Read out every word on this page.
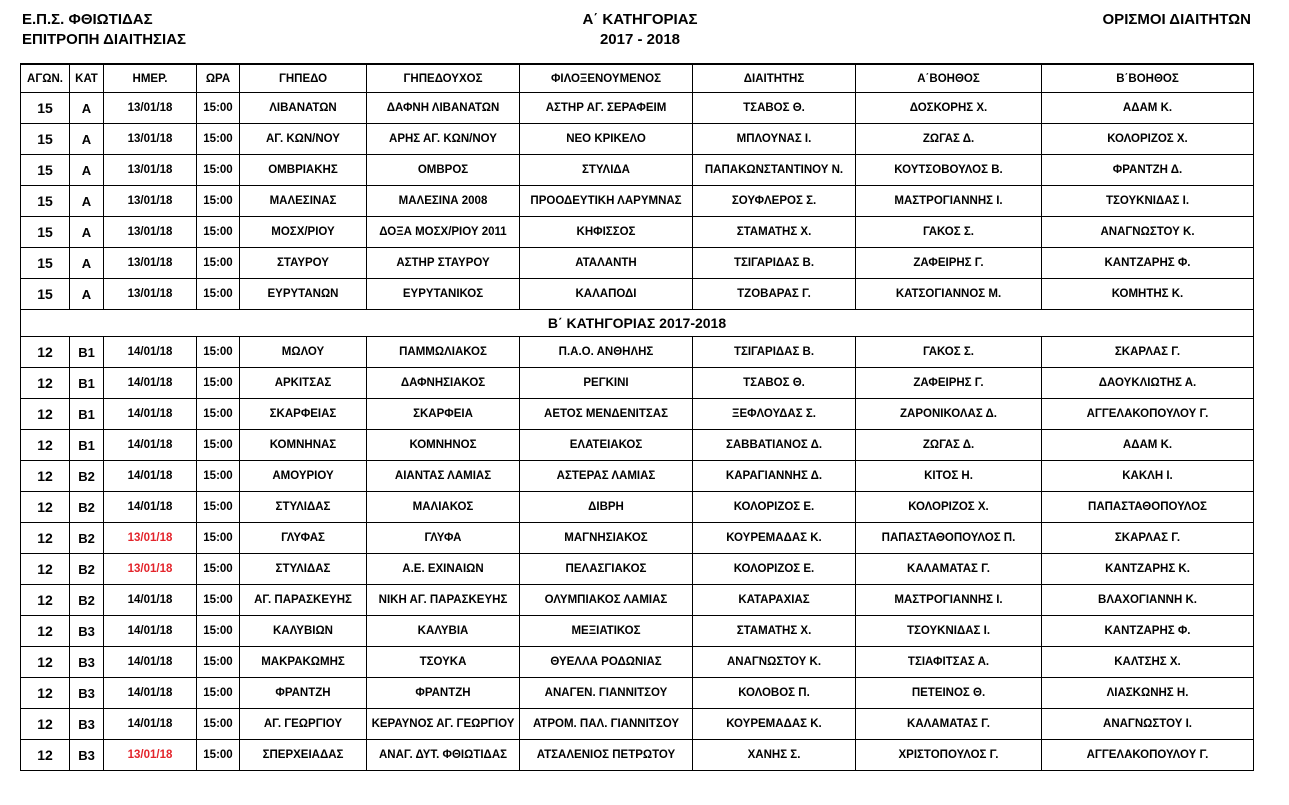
Ε.Π.Σ. ΦΘΙΩΤΙΔΑΣ
ΕΠΙΤΡΟΠΗ ΔΙΑΙΤΗΣΙΑΣ
Α΄ ΚΑΤΗΓΟΡΙΑΣ
2017 - 2018
ΟΡΙΣΜΟΙ ΔΙΑΙΤΗΤΩΝ
ΑΓΩΝ.	ΚΑΤ	ΗΜΕΡ.	ΩΡΑ	ΓΗΠΕΔΟ	ΓΗΠΕΔΟΥΧΟΣ	ΦΙΛΟΞΕΝΟΥΜΕΝΟΣ	ΔΙΑΙΤΗΤΗΣ	Α΄ΒΟΗΘΟΣ	Β΄ΒΟΗΘΟΣ
15	Α	13/01/18	15:00	ΛΙΒΑΝΑΤΩΝ	ΔΑΦΝΗ ΛΙΒΑΝΑΤΩΝ	ΑΣΤΗΡ ΑΓ. ΣΕΡΑΦΕΙΜ	ΤΣΑΒΟΣ Θ.	ΔΟΣΚΟΡΗΣ Χ.	ΑΔΑΜ Κ.
15	Α	13/01/18	15:00	ΑΓ. ΚΩΝ/ΝΟΥ	ΑΡΗΣ ΑΓ. ΚΩΝ/ΝΟΥ	ΝΕΟ ΚΡΙΚΕΛΟ	ΜΠΛΟΥΝΑΣ Ι.	ΖΩΓΑΣ Δ.	ΚΟΛΟΡΙΖΟΣ Χ.
15	Α	13/01/18	15:00	ΟΜΒΡΙΑΚΗΣ	ΟΜΒΡΟΣ	ΣΤΥΛΙΔΑ	ΠΑΠΑΚΩΝΣΤΑΝΤΙΝΟΥ Ν.	ΚΟΥΤΣΟΒΟΥΛΟΣ Β.	ΦΡΑΝΤΖΗ Δ.
15	Α	13/01/18	15:00	ΜΑΛΕΣΙΝΑΣ	ΜΑΛΕΣΙΝΑ 2008	ΠΡΟΟΔΕΥΤΙΚΗ ΛΑΡΥΜΝΑΣ	ΣΟΥΦΛΕΡΟΣ Σ.	ΜΑΣΤΡΟΓΙΑΝΝΗΣ Ι.	ΤΣΟΥΚΝΙΔΑΣ Ι.
15	Α	13/01/18	15:00	ΜΟΣΧ/ΡΙΟΥ	ΔΟΞΑ ΜΟΣΧ/ΡΙΟΥ 2011	ΚΗΦΙΣΣΟΣ	ΣΤΑΜΑΤΗΣ Χ.	ΓΑΚΟΣ Σ.	ΑΝΑΓΝΩΣΤΟΥ Κ.
15	Α	13/01/18	15:00	ΣΤΑΥΡΟΥ	ΑΣΤΗΡ ΣΤΑΥΡΟΥ	ΑΤΑΛΑΝΤΗ	ΤΣΙΓΑΡΙΔΑΣ Β.	ΖΑΦΕΙΡΗΣ Γ.	ΚΑΝΤΖΑΡΗΣ Φ.
15	Α	13/01/18	15:00	ΕΥΡΥΤΑΝΩΝ	ΕΥΡΥΤΑΝΙΚΟΣ	ΚΑΛΑΠΟΔΙ	ΤΖΟΒΑΡΑΣ Γ.	ΚΑΤΣΟΓΙΑΝΝΟΣ Μ.	ΚΟΜΗΤΗΣ Κ.
Β΄ ΚΑΤΗΓΟΡΙΑΣ 2017-2018									
12	Β1	14/01/18	15:00	ΜΩΛΟΥ	ΠΑΜΜΩΛΙΑΚΟΣ	Π.Α.Ο. ΑΝΘΗΛΗΣ	ΤΣΙΓΑΡΙΔΑΣ Β.	ΓΑΚΟΣ Σ.	ΣΚΑΡΛΑΣ Γ.
12	Β1	14/01/18	15:00	ΑΡΚΙΤΣΑΣ	ΔΑΦΝΗΣΙΑΚΟΣ	ΡΕΓΚΙΝΙ	ΤΣΑΒΟΣ Θ.	ΖΑΦΕΙΡΗΣ Γ.	ΔΑΟΥΚΛΙΩΤΗΣ Α.
12	Β1	14/01/18	15:00	ΣΚΑΡΦΕΙΑΣ	ΣΚΑΡΦΕΙΑ	ΑΕΤΟΣ ΜΕΝΔΕΝΙΤΣΑΣ	ΞΕΦΛΟΥΔΑΣ Σ.	ΖΑΡΟΝΙΚΟΛΑΣ Δ.	ΑΓΓΕΛΑΚΟΠΟΥΛΟΥ Γ.
12	Β1	14/01/18	15:00	ΚΟΜΝΗΝΑΣ	ΚΟΜΝΗΝΟΣ	ΕΛΑΤΕΙΑΚΟΣ	ΣΑΒΒΑΤΙΑΝΟΣ Δ.	ΖΩΓΑΣ Δ.	ΑΔΑΜ Κ.
12	Β2	14/01/18	15:00	ΑΜΟΥΡΙΟΥ	ΑΙΑΝΤΑΣ ΛΑΜΙΑΣ	ΑΣΤΕΡΑΣ ΛΑΜΙΑΣ	ΚΑΡΑΓΙΑΝΝΗΣ Δ.	ΚΙΤΟΣ Η.	ΚΑΚΛΗ Ι.
12	Β2	14/01/18	15:00	ΣΤΥΛΙΔΑΣ	ΜΑΛΙΑΚΟΣ	ΔΙΒΡΗ	ΚΟΛΟΡΙΖΟΣ Ε.	ΚΟΛΟΡΙΖΟΣ Χ.	ΠΑΠΑΣΤΑΘΟΠΟΥΛΟΣ
12	Β2	13/01/18	15:00	ΓΛΥΦΑΣ	ΓΛΥΦΑ	ΜΑΓΝΗΣΙΑΚΟΣ	ΚΟΥΡΕΜΑΔΑΣ Κ.	ΠΑΠΑΣΤΑΘΟΠΟΥΛΟΣ Π.	ΣΚΑΡΛΑΣ Γ.
12	Β2	13/01/18	15:00	ΣΤΥΛΙΔΑΣ	Α.Ε. ΕΧΙΝΑΙΩΝ	ΠΕΛΑΣΓΙΑΚΟΣ	ΚΟΛΟΡΙΖΟΣ Ε.	ΚΑΛΑΜΑΤΑΣ Γ.	ΚΑΝΤΖΑΡΗΣ Κ.
12	Β2	14/01/18	15:00	ΑΓ. ΠΑΡΑΣΚΕΥΗΣ	ΝΙΚΗ ΑΓ. ΠΑΡΑΣΚΕΥΗΣ	ΟΛΥΜΠΙΑΚΟΣ ΛΑΜΙΑΣ	ΚΑΤΑΡΑΧΙΑΣ	ΜΑΣΤΡΟΓΙΑΝΝΗΣ Ι.	ΒΛΑΧΟΓΙΑΝΝΗ Κ.
12	Β3	14/01/18	15:00	ΚΑΛΥΒΙΩΝ	ΚΑΛΥΒΙΑ	ΜΕΞΙΑΤΙΚΟΣ	ΣΤΑΜΑΤΗΣ Χ.	ΤΣΟΥΚΝΙΔΑΣ Ι.	ΚΑΝΤΖΑΡΗΣ Φ.
12	Β3	14/01/18	15:00	ΜΑΚΡΑΚΩΜΗΣ	ΤΣΟΥΚΑ	ΘΥΕΛΛΑ ΡΟΔΩΝΙΑΣ	ΑΝΑΓΝΩΣΤΟΥ Κ.	ΤΣΙΑΦΙΤΣΑΣ Α.	ΚΑΛΤΣΗΣ Χ.
12	Β3	14/01/18	15:00	ΦΡΑΝΤΖΗ	ΦΡΑΝΤΖΗ	ΑΝΑΓΕΝ. ΓΙΑΝΝΙΤΣΟΥ	ΚΟΛΟΒΟΣ Π.	ΠΕΤΕΙΝΟΣ Θ.	ΛΙΑΣΚΩΝΗΣ Η.
12	Β3	14/01/18	15:00	ΑΓ. ΓΕΩΡΓΙΟΥ	ΚΕΡΑΥΝΟΣ ΑΓ. ΓΕΩΡΓΙΟΥ	ΑΤΡΟΜ. ΠΑΛ. ΓΙΑΝΝΙΤΣΟΥ	ΚΟΥΡΕΜΑΔΑΣ Κ.	ΚΑΛΑΜΑΤΑΣ Γ.	ΑΝΑΓΝΩΣΤΟΥ Ι.
12	Β3	13/01/18	15:00	ΣΠΕΡΧΕΙΑΔΑΣ	ΑΝΑΓ. ΔΥΤ. ΦΘΙΩΤΙΔΑΣ	ΑΤΣΑΛΕΝΙΟΣ ΠΕΤΡΩΤΟΥ	ΧΑΝΗΣ Σ.	ΧΡΙΣΤΟΠΟΥΛΟΣ Γ.	ΑΓΓΕΛΑΚΟΠΟΥΛΟΥ Γ.
